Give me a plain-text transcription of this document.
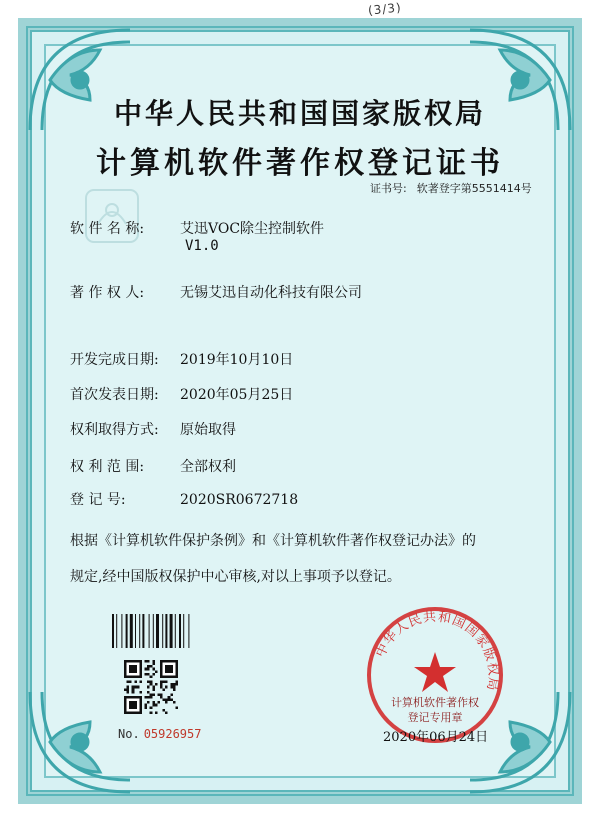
(3/3)
中华人民共和国国家版权局
计算机软件著作权登记证书
证书号: 软著登字第5551414号
软 件 名 称:	艾迅VOC除尘控制软件
V1.0
著 作 权 人:	无锡艾迅自动化科技有限公司
开发完成日期: 2019年10月10日
首次发表日期: 2020年05月25日
权利取得方式: 原始取得
权 利 范 围:	全部权利
登 记 号:	2020SR0672718
根据《计算机软件保护条例》和《计算机软件著作权登记办法》的
规定,经中国版权保护中心审核,对以上事项予以登记。
No. 05926957
中华人民共和国国家版权局
计算机软件著作权
登记专用章
2020年06月24日
